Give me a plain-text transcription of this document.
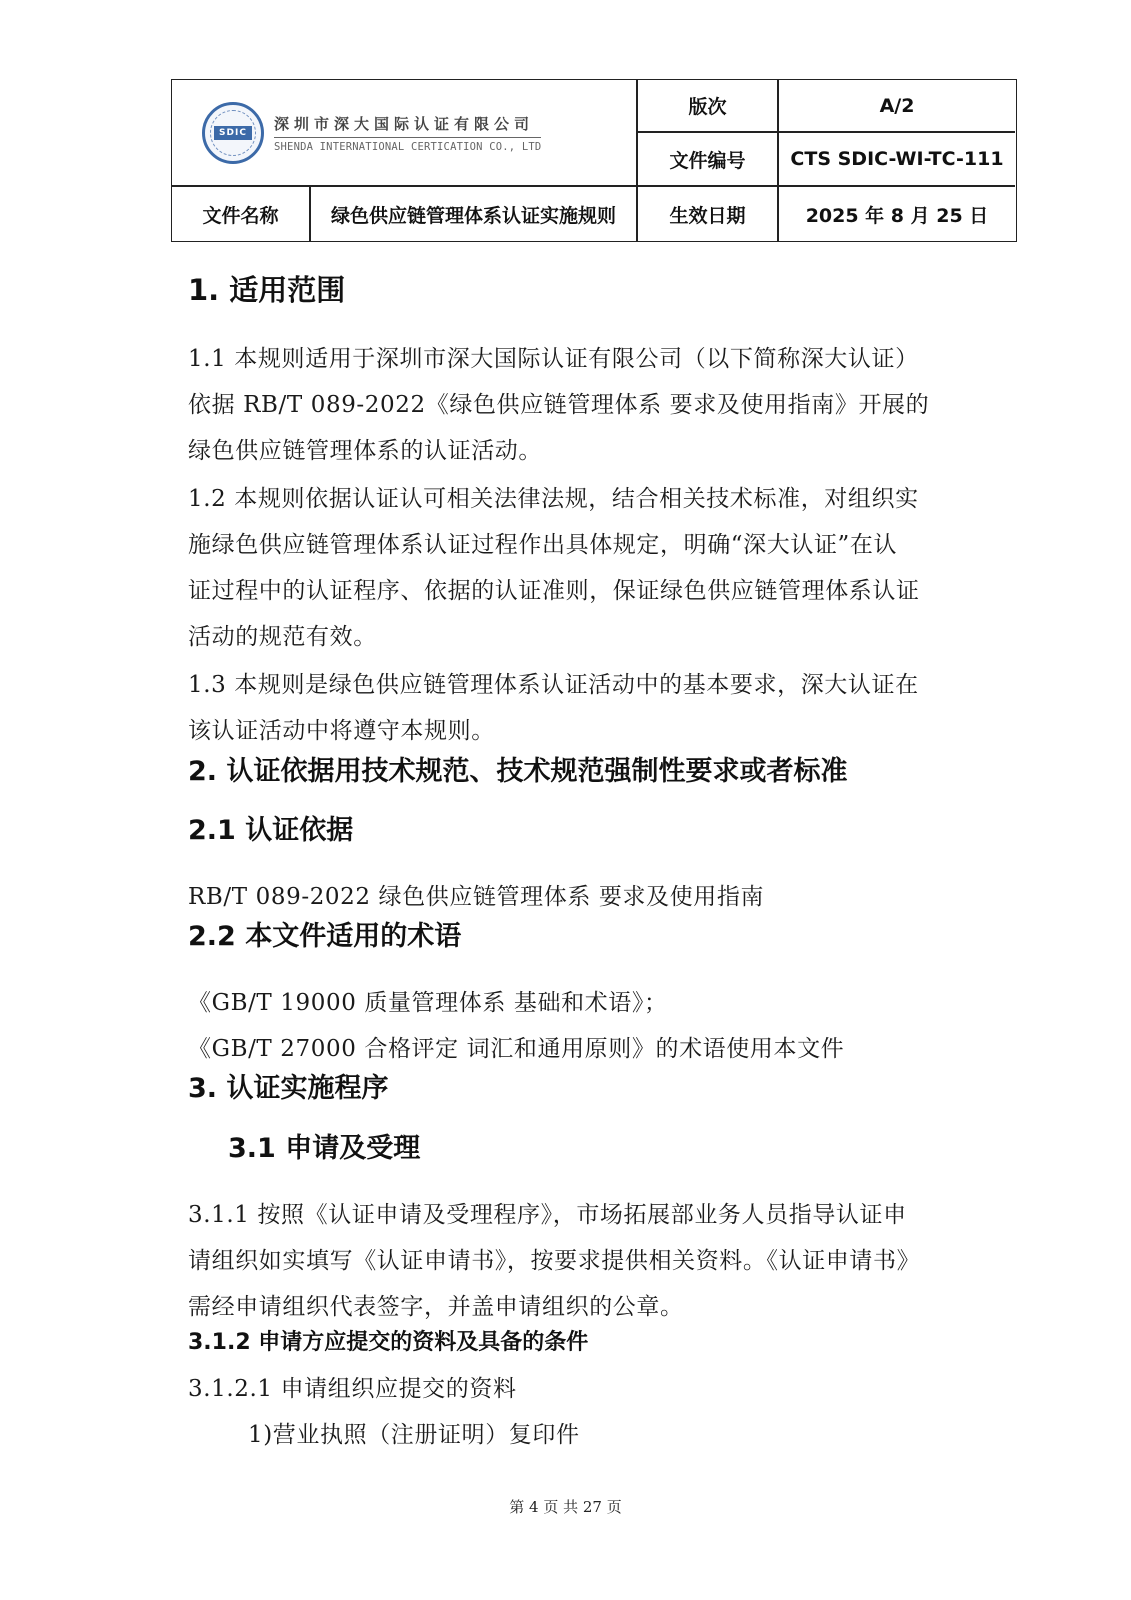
SDIC	深圳市深大国际认证有限公司
SHENDA INTERNATIONAL CERTICATION CO., LTD
版次	A/2
文件编号	CTS SDIC-WI-TC-111
文件名称	绿色供应链管理体系认证实施规则	生效日期	2025 年 8 月 25 日
1. 适用范围
1.1 本规则适用于深圳市深大国际认证有限公司（以下简称深大认证）
依据 RB/T 089-2022《绿色供应链管理体系 要求及使用指南》开展的
绿色供应链管理体系的认证活动。
1.2 本规则依据认证认可相关法律法规，结合相关技术标准，对组织实
施绿色供应链管理体系认证过程作出具体规定，明确“深大认证”在认
证过程中的认证程序、依据的认证准则，保证绿色供应链管理体系认证
活动的规范有效。
1.3 本规则是绿色供应链管理体系认证活动中的基本要求，深大认证在
该认证活动中将遵守本规则。
2. 认证依据用技术规范、技术规范强制性要求或者标准
2.1 认证依据
RB/T 089-2022 绿色供应链管理体系 要求及使用指南
2.2 本文件适用的术语
《GB/T 19000 质量管理体系 基础和术语》；
《GB/T 27000 合格评定 词汇和通用原则》的术语使用本文件
3. 认证实施程序
3.1 申请及受理
3.1.1 按照《认证申请及受理程序》，市场拓展部业务人员指导认证申
请组织如实填写《认证申请书》，按要求提供相关资料。《认证申请书》
需经申请组织代表签字，并盖申请组织的公章。
3.1.2 申请方应提交的资料及具备的条件
3.1.2.1 申请组织应提交的资料
1)营业执照（注册证明）复印件
第 4 页 共 27 页
